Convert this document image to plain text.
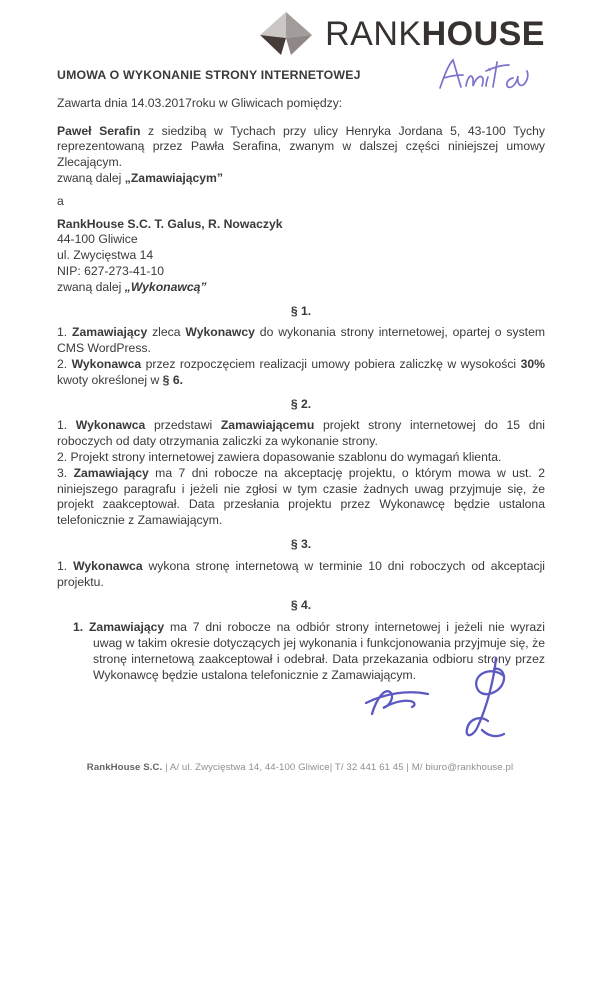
RANKHOUSE
UMOWA O WYKONANIE STRONY INTERNETOWEJ

Zawarta dnia 14.03.2017roku w Gliwicach pomiędzy:

Paweł Serafin z siedzibą w Tychach przy ulicy Henryka Jordana 5, 43-100 Tychy reprezentowaną przez Pawła Serafina, zwanym w dalszej części niniejszej umowy Zlecającym.

zwaną dalej „Zamawiającym”

a

RankHouse S.C. T. Galus, R. Nowaczyk

44-100 Gliwice

ul. Zwycięstwa 14

NIP: 627-273-41-10

zwaną dalej „Wykonawcą”

§ 1.

1. Zamawiający zleca Wykonawcy do wykonania strony internetowej, opartej o system CMS WordPress.

2. Wykonawca przez rozpoczęciem realizacji umowy pobiera zaliczkę w wysokości 30% kwoty określonej w § 6.

§ 2.

1. Wykonawca przedstawi Zamawiającemu projekt strony internetowej do 15 dni roboczych od daty otrzymania zaliczki za wykonanie strony.

2. Projekt strony internetowej zawiera dopasowanie szablonu do wymagań klienta.

3. Zamawiający ma 7 dni robocze na akceptację projektu, o którym mowa w ust. 2 niniejszego paragrafu i jeżeli nie zgłosi w tym czasie żadnych uwag przyjmuje się, że projekt zaakceptował. Data przesłania projektu przez Wykonawcę będzie ustalona telefonicznie z Zamawiającym.

§ 3.

1. Wykonawca wykona stronę internetową w terminie 10 dni roboczych od akceptacji projektu.

§ 4.

1. Zamawiający ma 7 dni robocze na odbiór strony internetowej i jeżeli nie wyrazi uwag w takim okresie dotyczących jej wykonania i funkcjonowania przyjmuje się, że stronę internetową zaakceptował i odebrał. Data przekazania odbioru strony przez Wykonawcę będzie ustalona telefonicznie z Zamawiającym.

RankHouse S.C. | A/ ul. Zwycięstwa 14, 44-100 Gliwice| T/ 32 441 61 45 | M/ biuro@rankhouse.pl
